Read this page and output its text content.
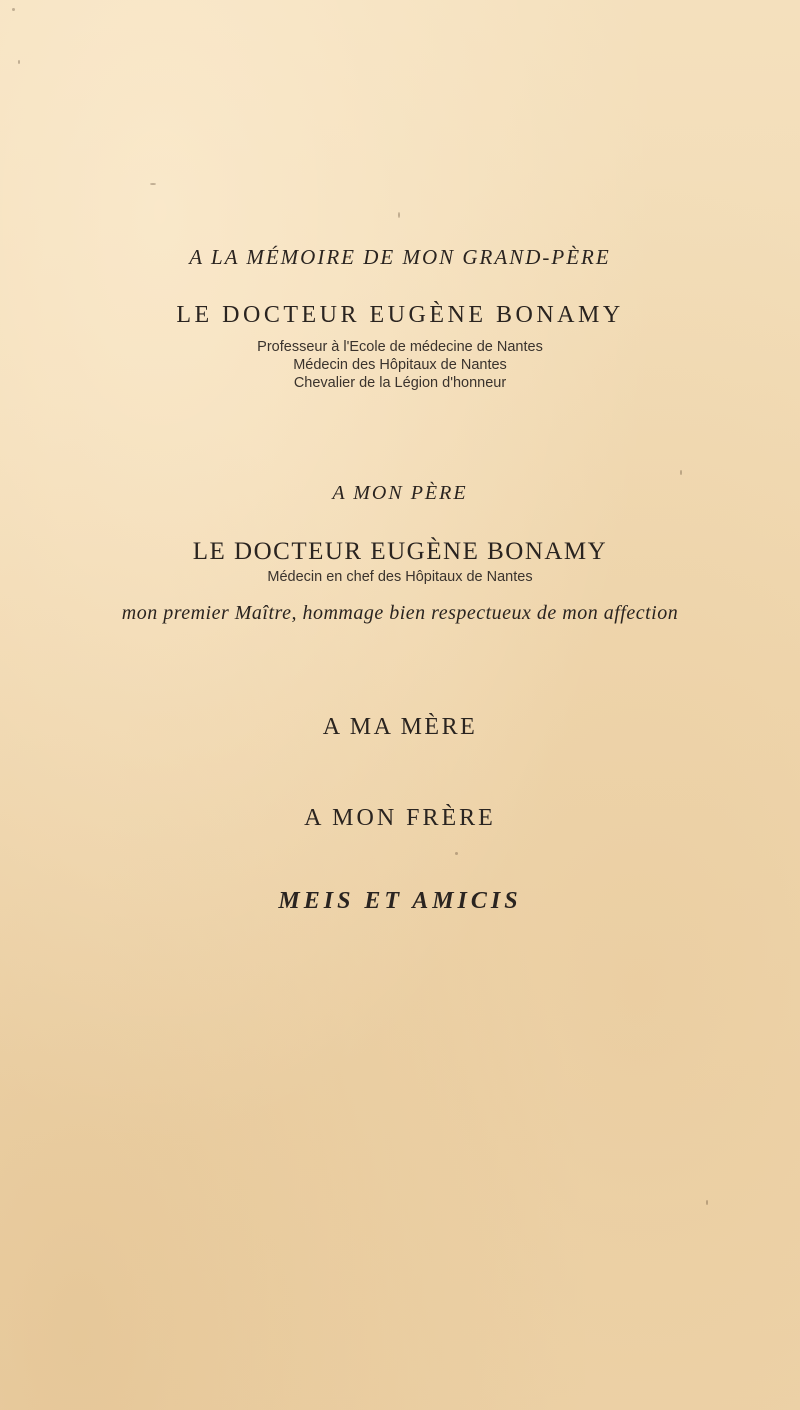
A LA MÉMOIRE DE MON GRAND-PÈRE
LE DOCTEUR EUGÈNE BONAMY
Professeur à l'Ecole de médecine de Nantes
Médecin des Hôpitaux de Nantes
Chevalier de la Légion d'honneur
A MON PÈRE
LE DOCTEUR EUGÈNE BONAMY
Médecin en chef des Hôpitaux de Nantes
mon premier Maître, hommage bien respectueux de mon affection
A MA MÈRE
A MON FRÈRE
MEIS ET AMICIS
